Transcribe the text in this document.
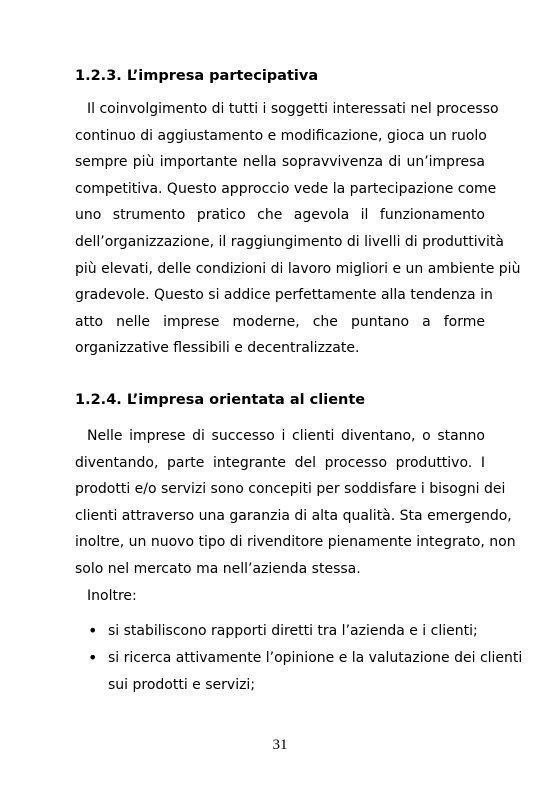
1.2.3. L’impresa partecipativa
Il coinvolgimento di tutti i soggetti interessati nel processo
continuo di aggiustamento e modificazione, gioca un ruolo
sempre più importante nella sopravvivenza di un’impresa
competitiva. Questo approccio vede la partecipazione come
uno strumento pratico che agevola il funzionamento
dell’organizzazione, il raggiungimento di livelli di produttività
più elevati, delle condizioni di lavoro migliori e un ambiente più
gradevole. Questo si addice perfettamente alla tendenza in
atto nelle imprese moderne, che puntano a forme
organizzative flessibili e decentralizzate.
1.2.4. L’impresa orientata al cliente
Nelle imprese di successo i clienti diventano, o stanno
diventando, parte integrante del processo produttivo. I
prodotti e/o servizi sono concepiti per soddisfare i bisogni dei
clienti attraverso una garanzia di alta qualità. Sta emergendo,
inoltre, un nuovo tipo di rivenditore pienamente integrato, non
solo nel mercato ma nell’azienda stessa.
Inoltre:
• si stabiliscono rapporti diretti tra l’azienda e i clienti;
• si ricerca attivamente l’opinione e la valutazione dei clienti
sui prodotti e servizi;
31
